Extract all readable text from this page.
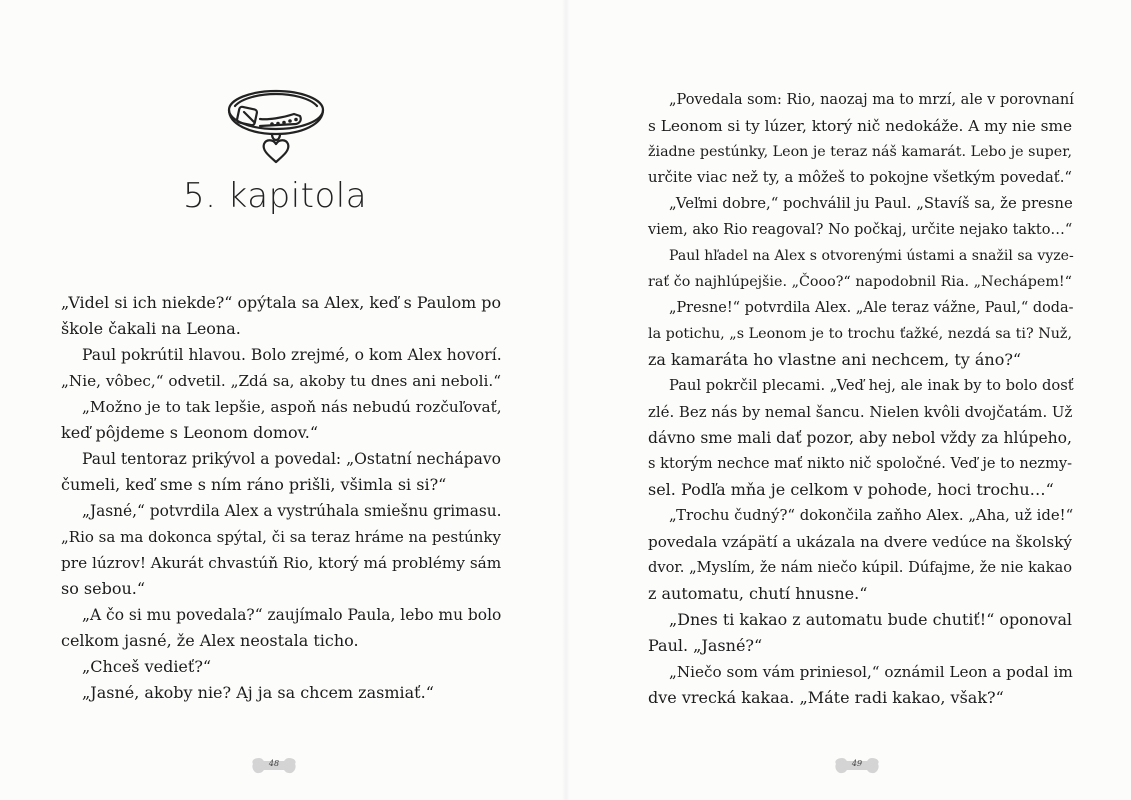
5. kapitola
„Videl si ich niekde?“ opýtala sa Alex, keď s Paulom po
škole čakali na Leona.
Paul pokrútil hlavou. Bolo zrejmé, o kom Alex hovorí.
„Nie, vôbec,“ odvetil. „Zdá sa, akoby tu dnes ani neboli.“
„Možno je to tak lepšie, aspoň nás nebudú rozčuľovať,
keď pôjdeme s Leonom domov.“
Paul tentoraz prikývol a povedal: „Ostatní nechápavo
čumeli, keď sme s ním ráno prišli, všimla si si?“
„Jasné,“ potvrdila Alex a vystrúhala smiešnu grimasu.
„Rio sa ma dokonca spýtal, či sa teraz hráme na pestúnky
pre lúzrov! Akurát chvastúň Rio, ktorý má problémy sám
so sebou.“
„A čo si mu povedala?“ zaujímalo Paula, lebo mu bolo
celkom jasné, že Alex neostala ticho.
„Chceš vedieť?“
„Jasné, akoby nie? Aj ja sa chcem zasmiať.“
48
„Povedala som: Rio, naozaj ma to mrzí, ale v porovnaní
s Leonom si ty lúzer, ktorý nič nedokáže. A my nie sme
žiadne pestúnky, Leon je teraz náš kamarát. Lebo je super,
určite viac než ty, a môžeš to pokojne všetkým povedať.“
„Veľmi dobre,“ pochválil ju Paul. „Stavíš sa, že presne
viem, ako Rio reagoval? No počkaj, určite nejako takto…“
Paul hľadel na Alex s otvorenými ústami a snažil sa vyze-
rať čo najhlúpejšie. „Čooo?“ napodobnil Ria. „Nechápem!“
„Presne!“ potvrdila Alex. „Ale teraz vážne, Paul,“ doda-
la potichu, „s Leonom je to trochu ťažké, nezdá sa ti? Nuž,
za kamaráta ho vlastne ani nechcem, ty áno?“
Paul pokrčil plecami. „Veď hej, ale inak by to bolo dosť
zlé. Bez nás by nemal šancu. Nielen kvôli dvojčatám. Už
dávno sme mali dať pozor, aby nebol vždy za hlúpeho,
s ktorým nechce mať nikto nič spoločné. Veď je to nezmy-
sel. Podľa mňa je celkom v pohode, hoci trochu…“
„Trochu čudný?“ dokončila zaňho Alex. „Aha, už ide!“
povedala vzápätí a ukázala na dvere vedúce na školský
dvor. „Myslím, že nám niečo kúpil. Dúfajme, že nie kakao
z automatu, chutí hnusne.“
„Dnes ti kakao z automatu bude chutiť!“ oponoval
Paul. „Jasné?“
„Niečo som vám priniesol,“ oznámil Leon a podal im
dve vrecká kakaa. „Máte radi kakao, však?“
49
